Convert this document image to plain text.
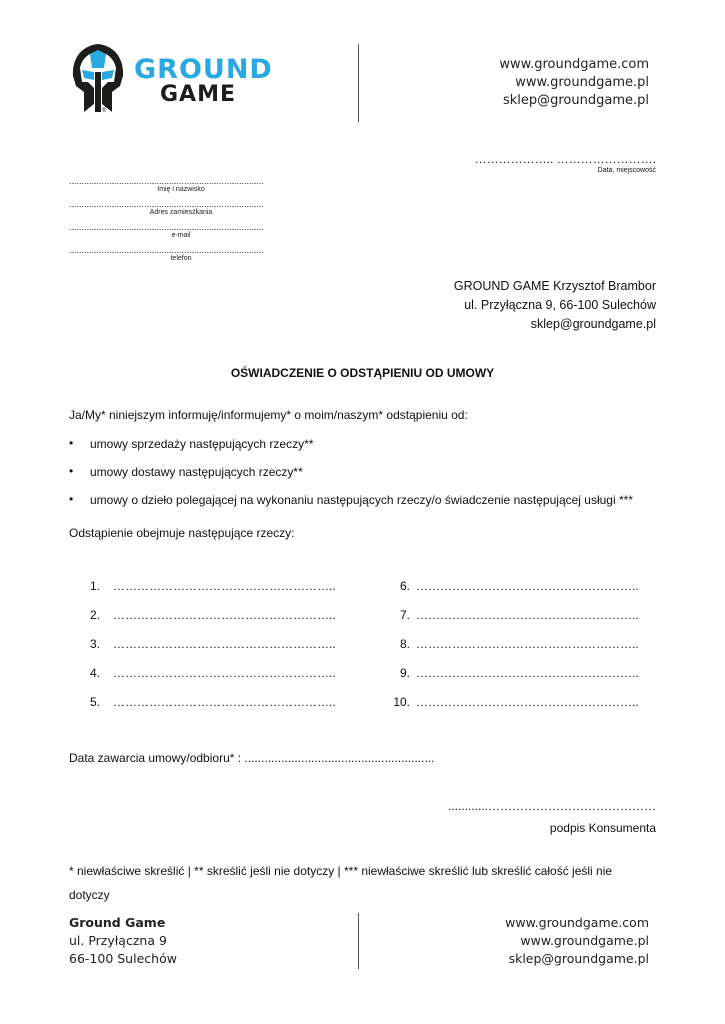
®
GROUND
GAME
www.groundgame.com
www.groundgame.pl
sklep@groundgame.pl
……………….. …………………….
Data, miejscowość
..............................................................................
Imię i nazwisko
..............................................................................
Adres zamieszkania
..............................................................................
e-mail
..............................................................................
telefon
GROUND GAME Krzysztof Brambor
ul. Przyłączna 9, 66-100 Sulechów
sklep@groundgame.pl
OŚWIADCZENIE O ODSTĄPIENIU OD UMOWY
Ja/My* niniejszym informuję/informujemy* o moim/naszym* odstąpieniu od:
• umowy sprzedaży następujących rzeczy**
• umowy dostawy następujących rzeczy**
• umowy o dzieło polegającej na wykonaniu następujących rzeczy/o świadczenie następującej usługi ***
Odstąpienie obejmuje następujące rzeczy:
1. ………………………………………………..
2. ………………………………………………..
3. ………………………………………………..
4. ………………………………………………..
5. ………………………………………………..
6. ………………………………………………..
7. ………………………………………………..
8. ………………………………………………..
9. ………………………………………………..
10. ………………………………………………..
Data zawarcia umowy/odbioru* : .........................................................
............……………………………………
podpis Konsumenta
* niewłaściwe skreślić | ** skreślić jeśli nie dotyczy | *** niewłaściwe skreślić lub skreślić całość jeśli nie dotyczy
Ground Game
ul. Przyłączna 9
66-100 Sulechów
www.groundgame.com
www.groundgame.pl
sklep@groundgame.pl
